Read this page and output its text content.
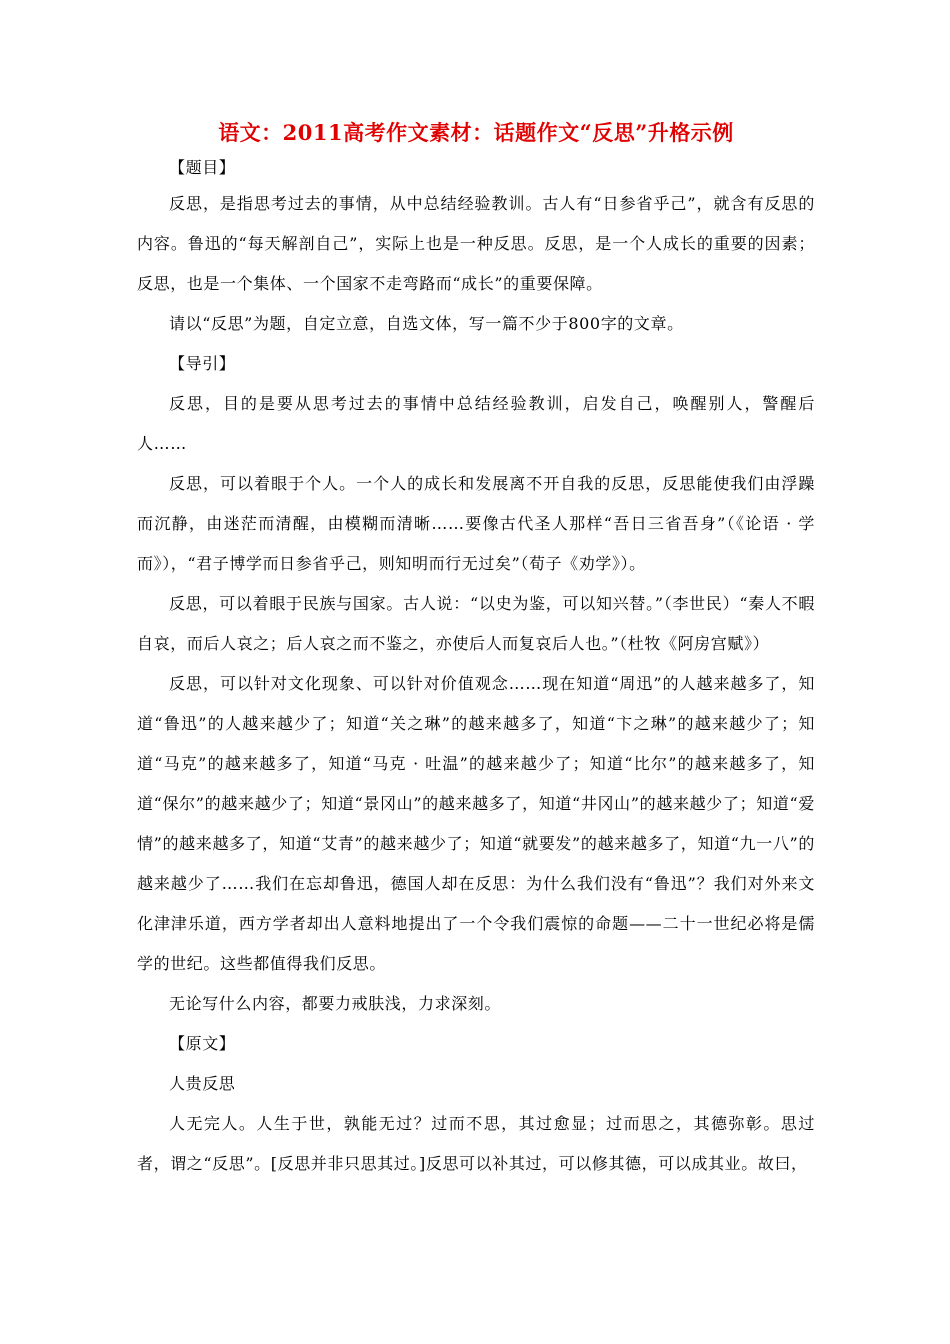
语文：2011高考作文素材：话题作文“反思”升格示例

【题目】

反思，是指思考过去的事情，从中总结经验教训。古人有“日参省乎己”，就含有反思的内容。鲁迅的“每天解剖自己”，实际上也是一种反思。反思，是一个人成长的重要的因素；反思，也是一个集体、一个国家不走弯路而“成长”的重要保障。

请以“反思”为题，自定立意，自选文体，写一篇不少于800字的文章。

【导引】

反思，目的是要从思考过去的事情中总结经验教训，启发自己，唤醒别人，警醒后人……

反思，可以着眼于个人。一个人的成长和发展离不开自我的反思，反思能使我们由浮躁而沉静，由迷茫而清醒，由模糊而清晰……要像古代圣人那样“吾日三省吾身”（《论语 · 学而》），“君子博学而日参省乎己，则知明而行无过矣”（荀子《劝学》）。

反思，可以着眼于民族与国家。古人说：“以史为鉴，可以知兴替。”（李世民）“秦人不暇自哀，而后人哀之；后人哀之而不鉴之，亦使后人而复哀后人也。”（杜牧《阿房宫赋》）

反思，可以针对文化现象、可以针对价值观念……现在知道“周迅”的人越来越多了，知道“鲁迅”的人越来越少了；知道“关之琳”的越来越多了，知道“卞之琳”的越来越少了；知道“马克”的越来越多了，知道“马克 · 吐温”的越来越少了；知道“比尔”的越来越多了，知道“保尔”的越来越少了；知道“景冈山”的越来越多了，知道“井冈山”的越来越少了；知道“爱情”的越来越多了，知道“艾青”的越来越少了；知道“就要发”的越来越多了，知道“九一八”的越来越少了……我们在忘却鲁迅，德国人却在反思：为什么我们没有“鲁迅”？我们对外来文化津津乐道，西方学者却出人意料地提出了一个令我们震惊的命题——二十一世纪必将是儒学的世纪。这些都值得我们反思。

无论写什么内容，都要力戒肤浅，力求深刻。

【原文】

人贵反思

人无完人。人生于世，孰能无过？过而不思，其过愈显；过而思之，其德弥彰。思过者，谓之“反思”。[反思并非只思其过。]反思可以补其过，可以修其德，可以成其业。故曰，
